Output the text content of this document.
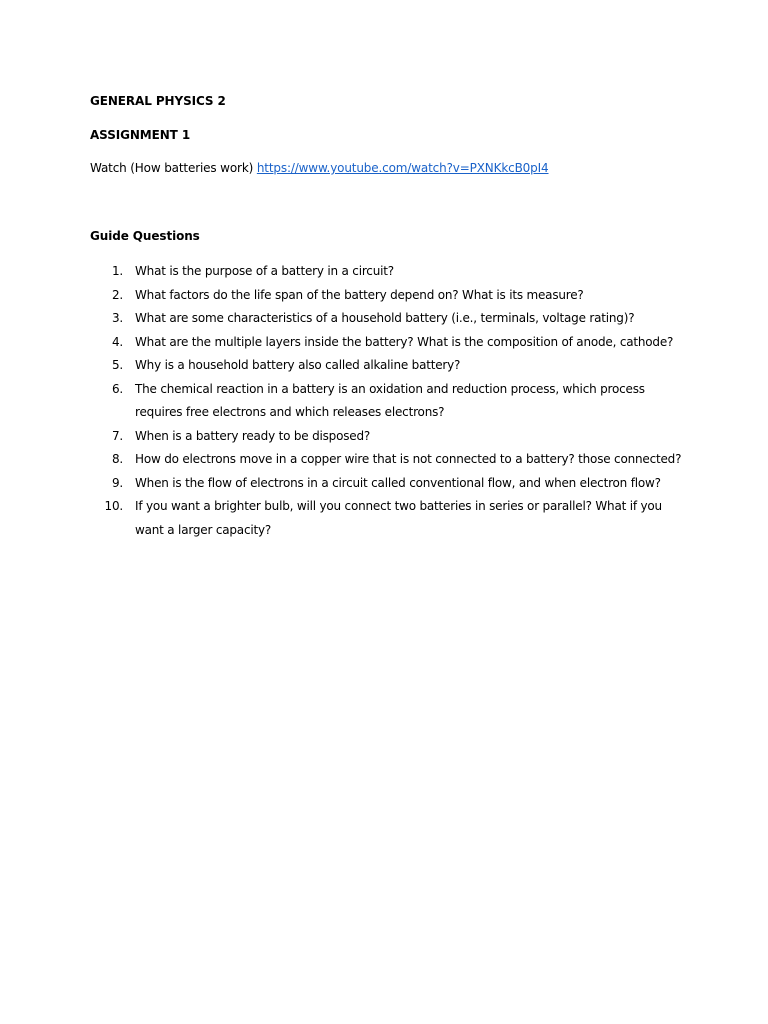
GENERAL PHYSICS 2
ASSIGNMENT 1
Watch (How batteries work) https://www.youtube.com/watch?v=PXNKkcB0pI4
Guide Questions
1. What is the purpose of a battery in a circuit?
2. What factors do the life span of the battery depend on? What is its measure?
3. What are some characteristics of a household battery (i.e., terminals, voltage rating)?
4. What are the multiple layers inside the battery? What is the composition of anode, cathode?
5. Why is a household battery also called alkaline battery?
6. The chemical reaction in a battery is an oxidation and reduction process, which process requires free electrons and which releases electrons?
7. When is a battery ready to be disposed?
8. How do electrons move in a copper wire that is not connected to a battery? those connected?
9. When is the flow of electrons in a circuit called conventional flow, and when electron flow?
10. If you want a brighter bulb, will you connect two batteries in series or parallel? What if you want a larger capacity?
